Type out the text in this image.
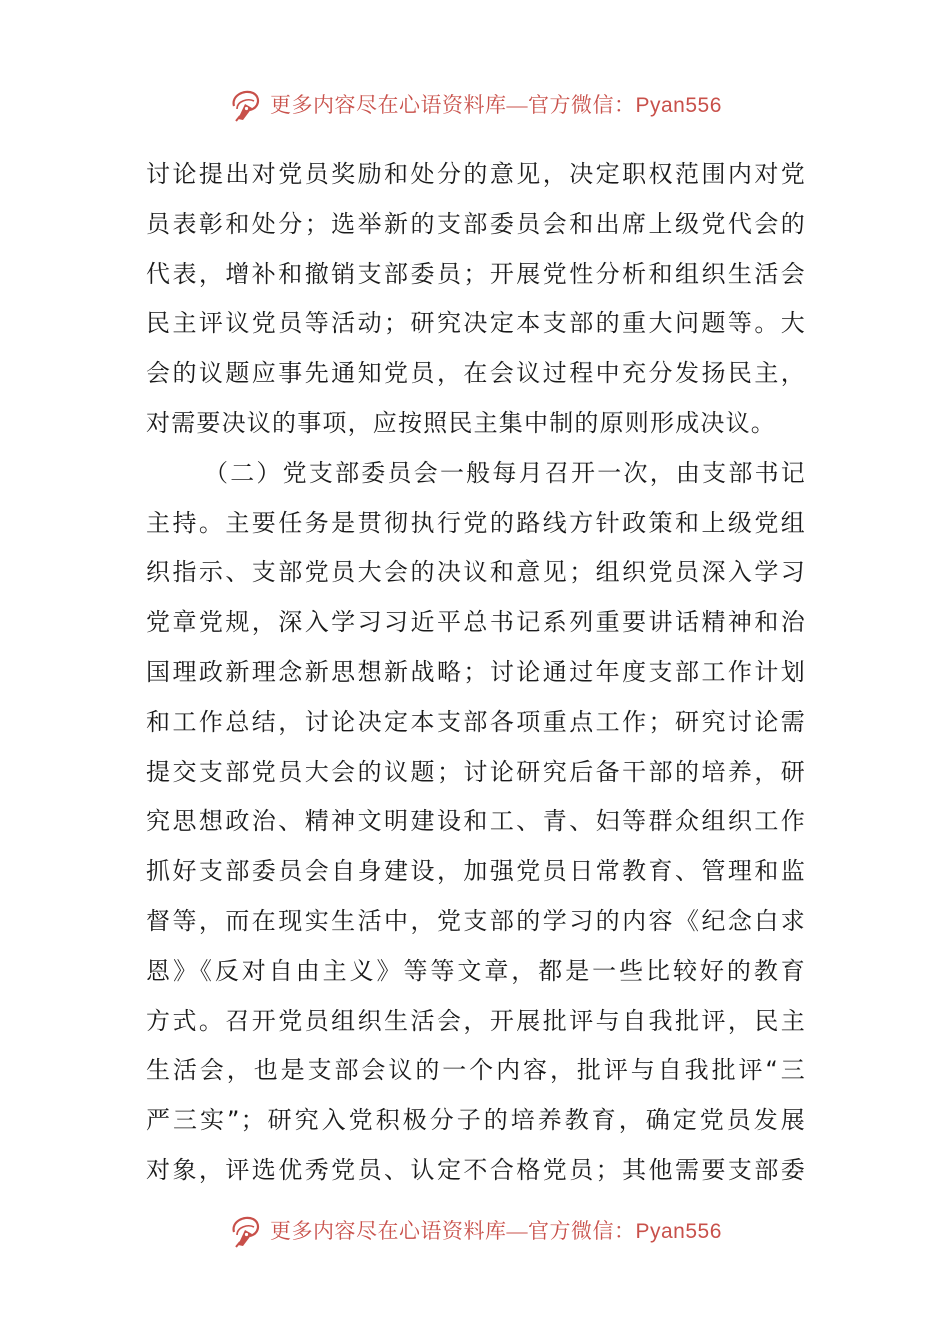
更多内容尽在心语资料库—官方微信：Pyan556
讨论提出对党员奖励和处分的意见，决定职权范围内对党
员表彰和处分；选举新的支部委员会和出席上级党代会的
代表，增补和撤销支部委员；开展党性分析和组织生活会
民主评议党员等活动；研究决定本支部的重大问题等。大
会的议题应事先通知党员，在会议过程中充分发扬民主，
对需要决议的事项，应按照民主集中制的原则形成决议。
（二）党支部委员会一般每月召开一次，由支部书记
主持。主要任务是贯彻执行党的路线方针政策和上级党组
织指示、支部党员大会的决议和意见；组织党员深入学习
党章党规，深入学习习近平总书记系列重要讲话精神和治
国理政新理念新思想新战略；讨论通过年度支部工作计划
和工作总结，讨论决定本支部各项重点工作；研究讨论需
提交支部党员大会的议题；讨论研究后备干部的培养，研
究思想政治、精神文明建设和工、青、妇等群众组织工作
抓好支部委员会自身建设，加强党员日常教育、管理和监
督等，而在现实生活中，党支部的学习的内容《纪念白求
恩》《反对自由主义》等等文章，都是一些比较好的教育
方式。召开党员组织生活会，开展批评与自我批评，民主
生活会，也是支部会议的一个内容，批评与自我批评“三
严三实”；研究入党积极分子的培养教育，确定党员发展
对象，评选优秀党员、认定不合格党员；其他需要支部委
更多内容尽在心语资料库—官方微信：Pyan556
